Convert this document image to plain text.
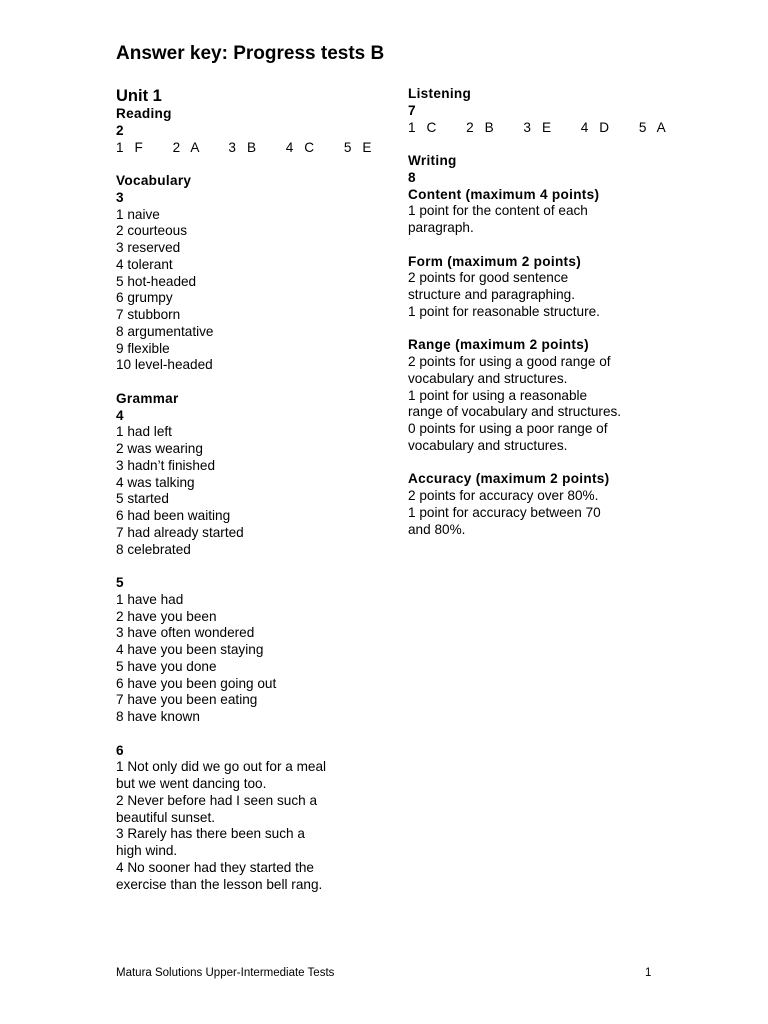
Answer key: Progress tests B
Unit 1
Reading
2
1 F   2 A   3 B   4 C   5 E
Vocabulary
3
1 naive
2 courteous
3 reserved
4 tolerant
5 hot-headed
6 grumpy
7 stubborn
8 argumentative
9 flexible
10 level-headed
Grammar
4
1 had left
2 was wearing
3 hadn’t finished
4 was talking
5 started
6 had been waiting
7 had already started
8 celebrated
5
1 have had
2 have you been
3 have often wondered
4 have you been staying
5 have you done
6 have you been going out
7 have you been eating
8 have known
6
1 Not only did we go out for a meal
but we went dancing too.
2 Never before had I seen such a
beautiful sunset.
3 Rarely has there been such a
high wind.
4 No sooner had they started the
exercise than the lesson bell rang.
Listening
7
1 C   2 B   3 E   4 D   5 A
Writing
8
Content (maximum 4 points)
1 point for the content of each
paragraph.
Form (maximum 2 points)
2 points for good sentence
structure and paragraphing.
1 point for reasonable structure.
Range (maximum 2 points)
2 points for using a good range of
vocabulary and structures.
1 point for using a reasonable
range of vocabulary and structures.
0 points for using a poor range of
vocabulary and structures.
Accuracy (maximum 2 points)
2 points for accuracy over 80%.
1 point for accuracy between 70
and 80%.
Matura Solutions Upper-Intermediate Tests	1
